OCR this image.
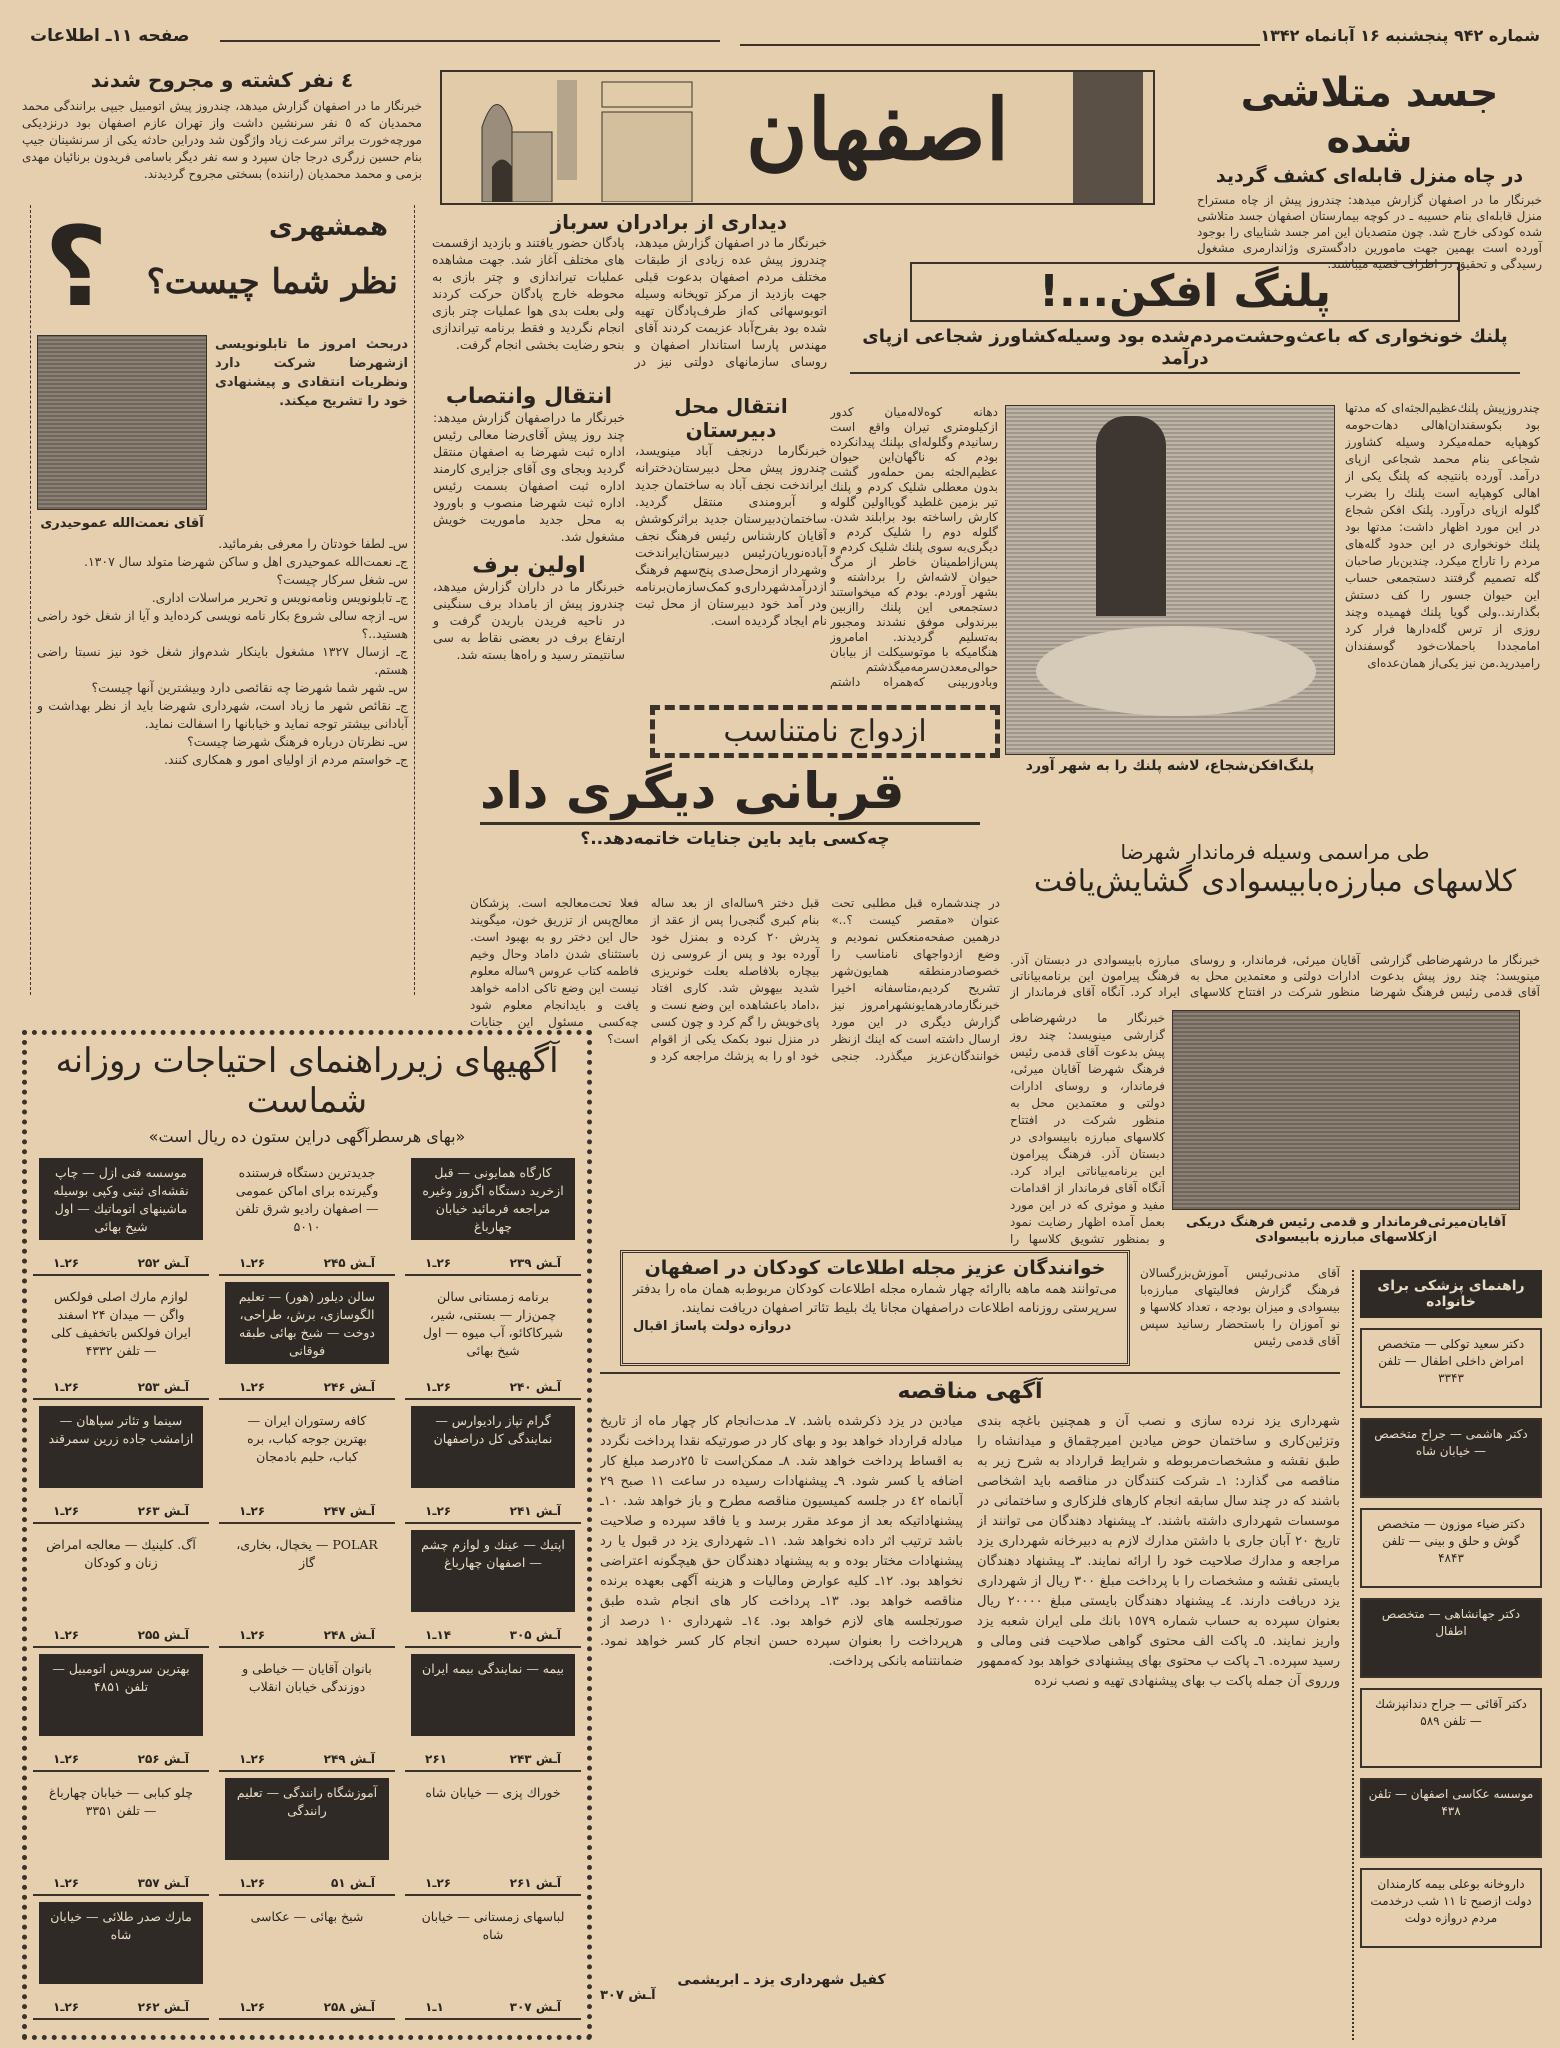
شماره ۹۴۲ پنجشنبه ۱۶ آبانماه ۱۳۴۲
صفحه ۱۱ـ اطلاعات
اصفهان	جسد متلاشی شده
در چاه منزل قابله‌ای کشف گردید
خبرنگار ما در اصفهان گزارش میدهد: چندروز پیش از چاه مستراح منزل قابله‌ای بنام حسیبه ـ در کوچه بیمارستان اصفهان جسد متلاشی شده کودکی خارج شد. چون متصدیان این امر جسد شناییای را بوجود آورده است بهمین جهت مامورین دادگستری وژاندارمری مشغول رسیدگی و تحقیق در اطراف قضیه میباشند.
٤ نفر کشته و مجروح شدند
خبرنگار ما در اصفهان گزارش میدهد، چندروز پیش اتومبیل جیپی برانندگی محمد محمدیان که ٥ نفر سرنشین داشت واز تهران عازم اصفهان بود درنزدیکی مورچه‌خورت براثر سرعت زیاد واژگون شد ودراین حادثه یکی از سرنشینان جیپ بنام حسین زرگری درجا جان سپرد و سه نفر دیگر باسامی فریدون برنائیان مهدی بزمی و محمد محمدیان (راننده) بسختی مجروح گردیدند.
؟	همشهری
نظر شما چیست؟
آقای نعمت‌الله عموحیدری
دربحث امروز ما تابلونویسی ازشهرضا شرکت دارد ونظریات انتقادی و پیشنهادی خود را تشریح میکند.
س‌ـ لطفا خودتان را معرفی بفرمائید.
ج‌ـ نعمت‌الله عموحیدری اهل و ساکن شهرضا متولد سال ۱۳۰۷.
س‌ـ شغل سرکار چیست؟
ج‌ـ تابلونویس ونامه‌نویس و تحریر مراسلات اداری.
س‌ـ ازچه سالی شروع بکار نامه نویسی کرده‌اید و آیا از شغل خود راضی هستید..؟
ج‌ـ ازسال ۱۳۲۷ مشغول باینکار شدم‌واز شغل خود نیز نسبتا راضی هستم.
س‌ـ شهر شما شهرضا چه نقائصی دارد وبیشترین آنها چیست؟
ج‌ـ نقائص شهر ما زیاد است، شهرداری شهرضا باید از نظر بهداشت و آبادانی بیشتر توجه نماید و خیابانها را اسفالت نماید.
س‌ـ نظرتان درباره فرهنگ شهرضا چیست؟
ج‌ـ خواستم مردم از اولیای امور و همکاری کنند.
دیداری از برادران سرباز
خبرنگار ما در اصفهان گزارش میدهد، چندروز پیش عده زیادی از طبقات مختلف مردم اصفهان بدعوت قبلی جهت بازدید از مرکز توپخانه وسیله اتوبوسهائی که‌از طرف‌پادگان تهیه شده بود بفرح‌آباد عزیمت کردند آقای مهندس پارسا استاندار اصفهان و روسای سازمانهای دولتی نیز در پادگان حضور یافتند و بازدید ازقسمت های مختلف آغاز شد. جهت مشاهده عملیات تیراندازی و چتر بازی به محوطه خارج پادگان حرکت کردند ولی بعلت بدی هوا عملیات چتر بازی انجام نگردید و فقط برنامه تیراندازی بنحو رضایت بخشی انجام گرفت.
انتقال محل دبیرستان
خبرنگارما درنجف آباد مینویسد، چندروز پیش محل دبیرستان‌دخترانه ایراندخت نجف آباد به ساختمان جدید و آبرومندی منتقل گردید. ساختمان‌دبیرستان جدید براثرکوشش آقایان کارشناس رئیس فرهنگ نجف آباد‌ه‌نوریان‌رئیس دبیرستان‌ایراندخت وشهردار ازمحل‌صدی پنج‌سهم فرهنگ ازدرآمدشهرداری‌و کمک‌سازمان‌برنامه ودر آمد خود دبیرستان از محل ثبت نام ایجاد گردیده است.
انتقال وانتصاب
خبرنگار ما دراصفهان گزارش میدهد: چند روز پیش آقای‌رضا معالی رئیس اداره ثبت شهرضا به اصفهان منتقل گردید وبجای وی آقای جزایری کارمند اداره ثبت اصفهان بسمت رئیس اداره ثبت شهرضا منصوب و باورود به محل جدید ماموریت خویش مشغول شد.
اولین برف
خبرنگار ما در داران گزارش میدهد، چندروز پیش از بامداد برف سنگینی در ناحیه فریدن باریدن گرفت و ارتفاع برف در بعضی نقاط به سی سانتیمتر رسید و راه‌ها بسته شد.
پلنگ افکن...!
پلنك خونخواری که باعث‌وحشت‌مردم‌شده بود وسیله‌کشاورز شجاعی ازپای درآمد
پلنگ‌افکن‌شجاع، لاشه پلنك را به شهر آورد
چندروزپیش پلنك‌عظیم‌الجثه‌ای که مدتها بود بکوسفندان‌اهالی دهات‌حومه کوهپایه حمله‌میکرد وسیله کشاورز شجاعی بنام محمد شجاعی ازپای درآمد. آورده بانتیجه که پلنگ یکی از اهالی کوهپایه است پلنك را بضرب گلوله ازپای درآورد. پلنک افکن شجاع در این مورد اظهار داشت: مدتها بود پلنك خونخواری در این حدود گله‌های مردم را تاراج میکرد. چندین‌بار صاحبان گله تصمیم گرفتند دستجمعی حساب این حیوان جسور را کف دستش بگذارند..ولی گویا پلنك فهمیده وچند روزی از ترس گله‌دارها فرار کرد امامجددا باحملات‌خود گوسفندان رامیدرید.من نیز یکی‌از همان‌عده‌ای
دهانه کوه‌لاله‌میان کدور ازکیلومتری تیران واقع است رسانیدم وگلوله‌ای بپلنك پیدانکرده بودم که ناگهان‌این حیوان عظیم‌الجثه بمن حمله‌ور گشت بدون معطلی شلیک کردم و پلنك تیر بزمین غلطید گویا‌اولین گلوله کارش راساخته بود برابلند شدن. گلوله دوم را شلیک کردم و دیگری‌به سوی پلنك شلیک کردم و پس‌ازاطمینان خاطر از مرگ حیوان لاشه‌اش را برداشته و بشهر آوردم. بودم که میخواستند دستجمعی این پلنك راازبین ببرندولی موفق نشدند ومجبور به‌تسلیم گردیدند. امامروز هنگامیکه با موتوسیکلت از بیابان حوالی‌معدن‌سرمه‌میگذشتم وبادوربینی که‌همراه داشتم
ازدواج نامتناسب
قربانی دیگری داد
چه‌کسی باید باین جنایات خاتمه‌دهد..؟
در چندشماره قبل مطلبی تحت عنوان «مقصر کیست ؟..» درهمین صفحه‌منعکس نمودیم و وضع ازدواجهای نامناسب را خصوصا‌درمنطقه همایون‌شهر تشریح کردیم‌،متاسفانه اخیرا خبرنگارمادرهمایونشهرامروز نیز گزارش دیگری در این مورد ارسال داشته است که اینك از‌نظر خوانندگان‌عزیز میگذرد. جنجی قبل دختر ٩ساله‌ای از بعد ساله بنام کبری گنجی‌را پس از عقد از پدرش ٢٠ کرده و بمنزل خود آورده بود و پس از عروسی زن بیچاره بلافاصله بعلت خونریزی شدید بیهوش شد. کاری افتاد ،داماد باعشاهده این وضع نست و پای‌خویش را گم کرد و چون کسی در منزل نبود بکمک یکی از اقوام خود او را به پزشك مراجعه کرد و فعلا تحت‌معالجه است. پزشکان معالج‌پس از تزریق خون، میگویند حال این دختر رو به بهبود است. باستثنای شدن داماد وحال وخیم فاطمه کتاب عروس ٩ساله معلوم نیست این وضع تاکی ادامه خواهد یافت و بایدانجام معلوم شود چه‌کسی مسئول این جنایات است؟
طی مراسمی وسیله فرماندار شهرضا
کلاسهای مبارزه‌بابیسوادی گشایش‌یافت
خبرنگار ما درشهرضا‌طی گزارشی مینویسد: چند روز پیش بدعوت آقای قدمی رئیس فرهنگ شهرضا آقایان میرئی، فرماندار، و روسای ادارات دولتی و معتمدین محل به منظور شرکت در افتتاح کلاسهای مبارزه بابیسوادی در دبستان آذر. فرهنگ پیرامون این برنامه‌بیاناتی ایراد کرد. آنگاه آقای فرماندار از
خبرنگار ما درشهرضا‌طی گزارشی مینویسد: چند روز پیش بدعوت آقای قدمی رئیس فرهنگ شهرضا آقایان میرئی، فرماندار، و روسای ادارات دولتی و معتمدین محل به منظور شرکت در افتتاح کلاسهای مبارزه بابیسوادی در دبستان آذر. فرهنگ پیرامون این برنامه‌بیاناتی ایراد کرد. آنگاه آقای فرماندار از اقدامات مفید و موثری که در این مورد بعمل آمده اظهار رضایت نمود و بمنظور تشویق کلاسها را
آقایان‌میرئی‌فرماندار و قدمی رئیس فرهنگ دریکی ازکلاسهای مبارزه بابیسوادی
آقای مدنی‌رئیس آموزش‌بزرگسالان فرهنگ گزارش فعالیتهای مبارزه‌با بیسوادی و میزان بودجه ، تعداد کلاسها و نو آموزان را باستحضار رسانید سپس آقای قدمی رئیس
آگهیهای زیرراهنمای احتیاجات روزانه شماست
«بهای هرسطرآگهی دراین ستون ده ریال است»
کارگاه همایونی — قبل ازخرید دستگاه اگزوز وغیره مراجعه فرمائید خیابان چهارباغ
آـش ۲۳۹
۲۶ـ۱
جدیدترین دستگاه فرستنده وگیرنده برای اماکن عمومی — اصفهان رادیو شرق تلفن ۵۰۱۰
آـش ۲۴۵
۲۶ـ۱
موسسه فنی ازل — چاپ نقشه‌ای ثبتی وکپی بوسیله ماشینهای اتوماتیك — اول شیخ بهائی
آـش ۲۵۲
۲۶ـ۱
برنامه زمستانی سالن چمن‌زار — بستنی، شیر، شیرکاکائو، آب میوه — اول شیخ بهائی
آـش ۲۴۰
۲۶ـ۱
سالن دیلور (هور) — تعلیم الگوسازی، برش، طراحی، دوخت — شیخ بهائی طبقه فوقانی
آـش ۲۴۶
۲۶ـ۱
لوازم مارك اصلی فولکس واگن — میدان ۲۴ اسفند ایران فولکس باتخفیف کلی — تلفن ۴۳۳۲
آـش ۲۵۳
۲۶ـ۱
گرام تپاز رادیوارس — نمایندگی کل دراصفهان
آـش ۲۴۱
۲۶ـ۱
کافه رستوران ایران — بهترین جوجه کباب، بره کباب، حلیم بادمجان
آـش ۲۴۷
۲۶ـ۱
سینما و تئاتر سپاهان — ازامشب جاده زرین سمرقند
آـش ۲۶۳
۲۶ـ۱
اپتیك — عینك و لوازم چشم — اصفهان چهارباغ
آـش ۳۰۵
۱۴ـ۱
POLAR — یخچال، بخاری، گاز
آـش ۲۴۸
۲۶ـ۱
آگ. کلینیك — معالجه امراض زنان و کودکان
آـش ۲۵۵
۲۶ـ۱
بیمه — نمایندگی بیمه ایران
آـش ۲۴۳
۲۶۱
بانوان آقایان — خیاطی و دوزندگی خیابان انقلاب
آـش ۲۴۹
۲۶ـ۱
بهترین سرویس اتومبیل — تلفن ۴۸۵۱
آـش ۲۵۶
۲۶ـ۱
خوراك پزی — خیابان شاه
آـش ۲۶۱
۲۶ـ۱
آموزشگاه رانندگی — تعلیم رانندگی
آـش ۵۱
۲۶ـ۱
چلو کبابی — خیابان چهارباغ — تلفن ۳۳۵۱
آـش ۳۵۷
۲۶ـ۱
لباسهای زمستانی — خیابان شاه
آـش ۳۰۷
۱ـ۱
شیخ بهائی — عکاسی
آـش ۲۵۸
۲۶ـ۱
مارك صدر طلائی — خیابان شاه
آـش ۲۶۲
۲۶ـ۱
خوانندگان عزیز مجله اطلاعات کودکان در اصفهان
می‌توانند همه ماهه باارائه چهار شماره مجله اطلاعات کودکان مربوط‌به همان ماه را بدفتر سرپرستی روزنامه اطلاعات دراصفهان مجانا یك بلیط تئاتر اصفهان دریافت نمایند.
دروازه دولت پاساژ اقبال
آگهی مناقصه
شهرداری یزد نرده سازی و نصب آن و همچنین باغچه بندی وتزئین‌کاری و ساختمان حوض میادین امیرچقماق و میدانشاه را طبق نقشه و مشخصات‌مربوطه و شرایط قرارداد به شرح زیر به مناقصه می گذارد: ١ـ شرکت کنندگان در مناقصه باید اشخاصی باشند که در چند سال سابقه انجام کارهای فلزکاری و ساختمانی در موسسات شهرداری داشته باشند. ٢ـ پیشنهاد دهندگان می توانند از تاریخ ٢٠ آبان جاری با داشتن مدارك لازم به دبیرخانه شهرداری یزد مراجعه و مدارك صلاحیت خود را ارائه نمایند. ٣ـ پیشنهاد دهندگان بایستی نقشه و مشخصات را با پرداخت مبلغ ٣٠٠ ریال از شهرداری یزد دریافت دارند. ٤ـ پیشنهاد دهندگان بایستی مبلغ ٢٠٠٠٠ ریال بعنوان سپرده به حساب شماره ١٥٧٩ بانك ملی ایران شعبه یزد واریز نمایند. ٥ـ پاکت الف محتوی گواهی صلاحیت فنی ومالی و رسید سپرده. ٦ـ پاکت ب محتوی بهای پیشنهادی خواهد بود که‌ممهور ورروی آن جمله پاکت ب بهای پیشنهادی تهیه و نصب نرده
میادین در یزد ذکرشده باشد. ٧ـ مدت‌انجام کار چهار ماه از تاریخ مبادله قرارداد خواهد بود و بهای کار در صورتیکه نقدا پرداخت نگردد به اقساط پرداخت خواهد شد. ٨ـ ممکن‌است تا ٢٥درصد مبلغ کار اضافه یا کسر شود. ٩ـ پیشنهادات رسیده در ساعت ١١ صبح ٢٩ آبانماه ٤٢ در جلسه کمیسیون مناقصه مطرح و باز خواهد شد. ١٠ـ پیشنهاداتیکه بعد از موعد مقرر برسد و یا فاقد سپرده و صلاحیت باشد ترتیب اثر داده نخواهد شد. ١١ـ شهرداری یزد در قبول یا رد پیشنهادات مختار بوده و به پیشنهاد دهندگان حق هیچگونه اعتراضی نخواهد بود. ١٢ـ کلیه عوارض ومالیات و هزینه آگهی بعهده برنده مناقصه خواهد بود. ١٣ـ پرداخت کار های انجام شده طبق صورتجلسه های لازم خواهد بود. ١٤ـ شهرداری ١٠ درصد از هرپرداخت را بعنوان سپرده حسن انجام کار کسر خواهد نمود. ضمانتنامه بانکی پرداخت.
کفیل شهرداری یزد ـ ابریشمی
آـش ۳۰۷
راهنمای پزشکی برای خانواده
دکتر سعید توکلی — متخصص امراض داخلی اطفال — تلفن ۳۳۴۳
دکتر هاشمی — جراح متخصص — خیابان شاه
دکتر ضیاء موزون — متخصص گوش و حلق و بینی — تلفن ۴۸۴۳
دکتر جهانشاهی — متخصص اطفال
دکتر آقائی — جراح دندانپزشك — تلفن ۵۸۹
موسسه عکاسی اصفهان — تلفن ۴۳۸
داروخانه بوعلی بیمه کارمندان دولت ازصبح تا ۱۱ شب درخدمت مردم دروازه دولت
